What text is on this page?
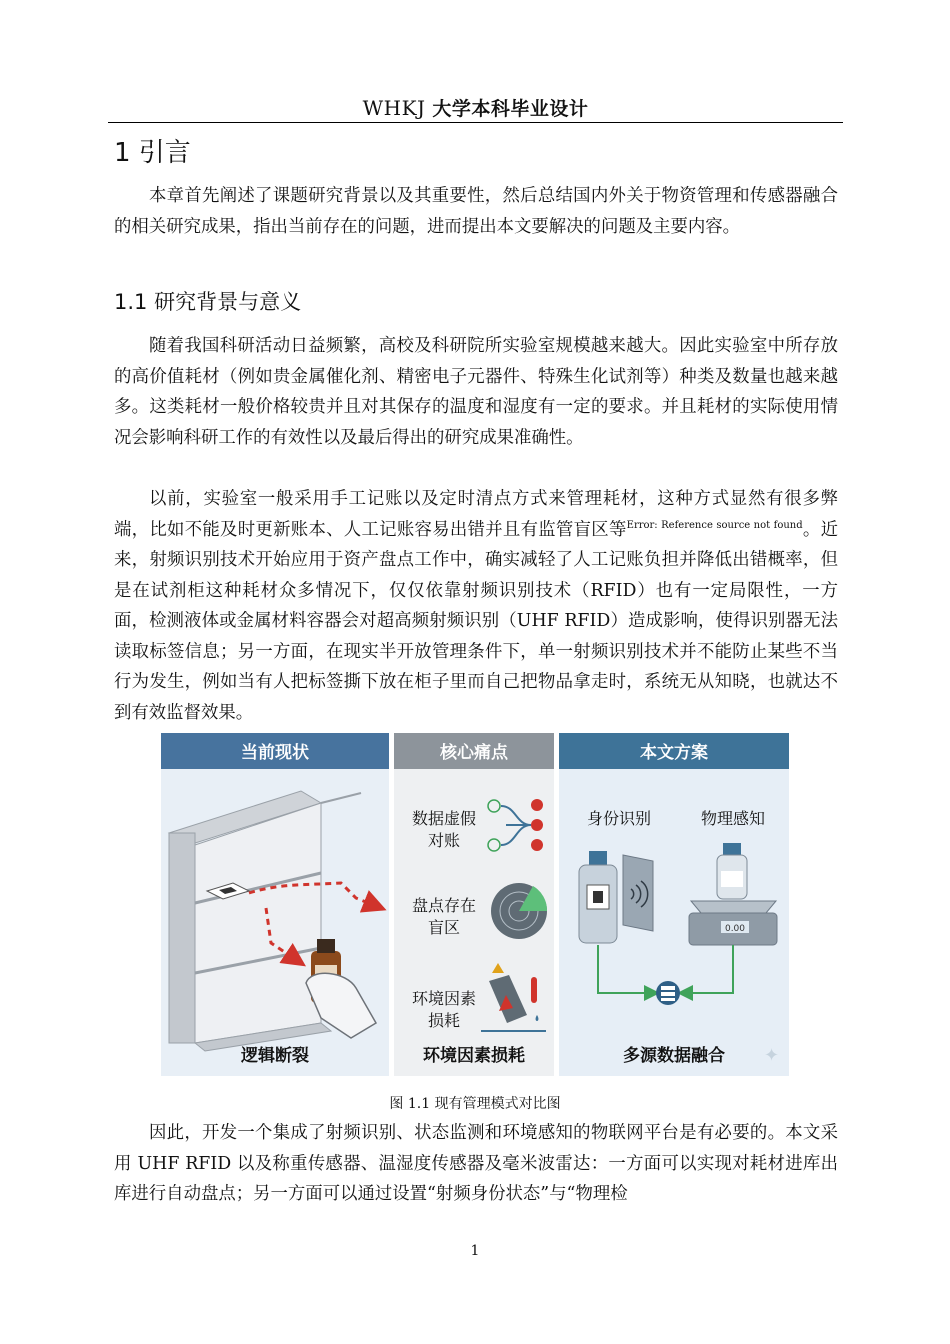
WHKJ 大学本科毕业设计
1 引言

本章首先阐述了课题研究背景以及其重要性，然后总结国内外关于物资管理和传感器融合的相关研究成果，指出当前存在的问题，进而提出本文要解决的问题及主要内容。

1.1 研究背景与意义

随着我国科研活动日益频繁，高校及科研院所实验室规模越来越大。因此实验室中所存放的高价值耗材（例如贵金属催化剂、精密电子元器件、特殊生化试剂等）种类及数量也越来越多。这类耗材一般价格较贵并且对其保存的温度和湿度有一定的要求。并且耗材的实际使用情况会影响科研工作的有效性以及最后得出的研究成果准确性。

以前，实验室一般采用手工记账以及定时清点方式来管理耗材，这种方式显然有很多弊端，比如不能及时更新账本、人工记账容易出错并且有监管盲区等$^{Error: Reference source not found}$。近来，射频识别技术开始应用于资产盘点工作中，确实减轻了人工记账负担并降低出错概率，但是在试剂柜这种耗材众多情况下，仅仅依靠射频识别技术（RFID）也有一定局限性，一方面，检测液体或金属材料容器会对超高频射频识别（UHF RFID）造成影响，使得识别器无法读取标签信息；另一方面，在现实半开放管理条件下，单一射频识别技术并不能防止某些不当行为发生，例如当有人把标签撕下放在柜子里而自己把物品拿走时，系统无从知晓，也就达不到有效监督效果。

当前现状
逻辑断裂
核心痛点
数据虚假
对账
盘点存在
盲区
环境因素
损耗
环境因素损耗
本文方案
身份识别	物理感知
0.00
多源数据融合 ✦
图 1.1 现有管理模式对比图

因此，开发一个集成了射频识别、状态监测和环境感知的物联网平台是有必要的。本文采用 UHF RFID 以及称重传感器、温湿度传感器及毫米波雷达：一方面可以实现对耗材进库出库进行自动盘点；另一方面可以通过设置“射频身份状态”与“物理检

1
